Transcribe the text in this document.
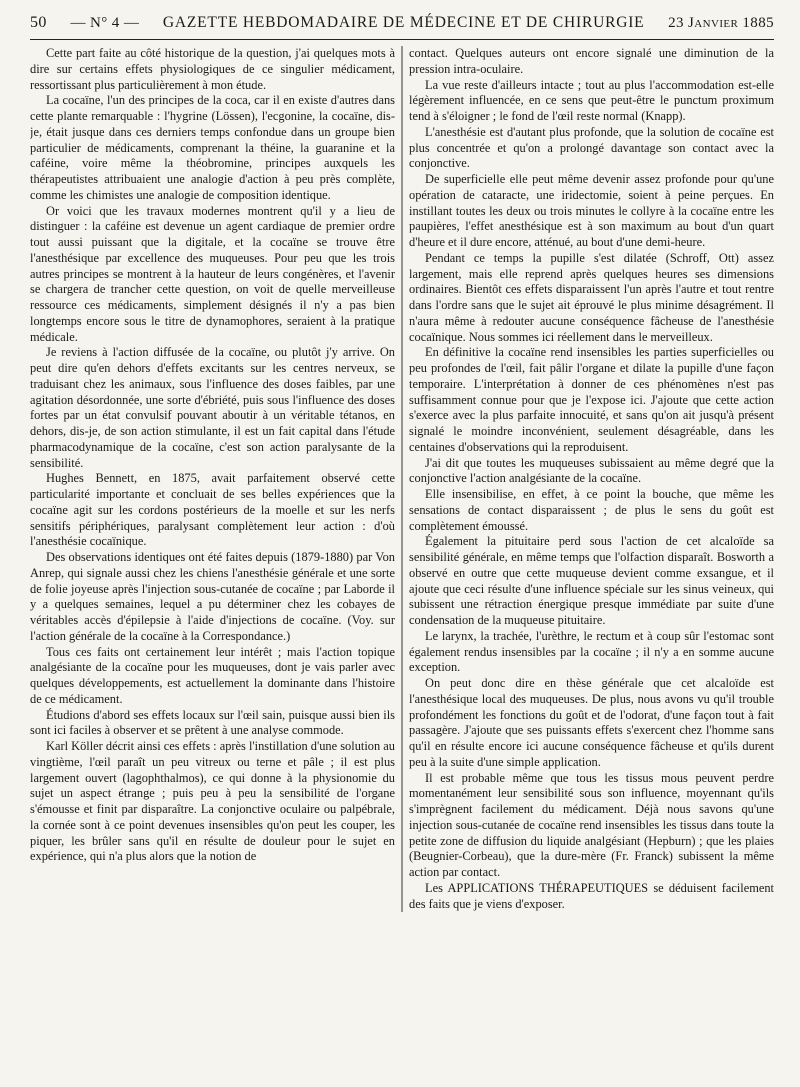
50 — N° 4 — GAZETTE HEBDOMADAIRE DE MÉDECINE ET DE CHIRURGIE 23 Janvier 1885

Cette part faite au côté historique de la question, j'ai quelques mots à dire sur certains effets physiologiques de ce singulier médicament, ressortissant plus particulièrement à mon étude.

La cocaïne, l'un des principes de la coca, car il en existe d'autres dans cette plante remarquable : l'hygrine (Lössen), l'ecgonine, la cocaïne, dis-je, était jusque dans ces derniers temps confondue dans un groupe bien particulier de médicaments, comprenant la théine, la guaranine et la caféine, voire même la théobromine, principes auxquels les thérapeutistes attribuaient une analogie d'action à peu près complète, comme les chimistes une analogie de composition identique.

Or voici que les travaux modernes montrent qu'il y a lieu de distinguer : la caféine est devenue un agent cardiaque de premier ordre tout aussi puissant que la digitale, et la cocaïne se trouve être l'anesthésique par excellence des muqueuses. Pour peu que les trois autres principes se montrent à la hauteur de leurs congénères, et l'avenir se chargera de trancher cette question, on voit de quelle merveilleuse ressource ces médicaments, simplement désignés il n'y a pas bien longtemps encore sous le titre de dynamophores, seraient à la pratique médicale.

Je reviens à l'action diffusée de la cocaïne, ou plutôt j'y arrive. On peut dire qu'en dehors d'effets excitants sur les centres nerveux, se traduisant chez les animaux, sous l'influence des doses faibles, par une agitation désordonnée, une sorte d'ébriété, puis sous l'influence des doses fortes par un état convulsif pouvant aboutir à un véritable tétanos, en dehors, dis-je, de son action stimulante, il est un fait capital dans l'étude pharmacodynamique de la cocaïne, c'est son action paralysante de la sensibilité.

Hughes Bennett, en 1875, avait parfaitement observé cette particularité importante et concluait de ses belles expériences que la cocaïne agit sur les cordons postérieurs de la moelle et sur les nerfs sensitifs périphériques, paralysant complètement leur action : d'où l'anesthésie cocaïnique.

Des observations identiques ont été faites depuis (1879-1880) par Von Anrep, qui signale aussi chez les chiens l'anesthésie générale et une sorte de folie joyeuse après l'injection sous-cutanée de cocaïne ; par Laborde il y a quelques semaines, lequel a pu déterminer chez les cobayes de véritables accès d'épilepsie à l'aide d'injections de cocaïne. (Voy. sur l'action générale de la cocaïne à la Correspondance.)

Tous ces faits ont certainement leur intérêt ; mais l'action topique analgésiante de la cocaïne pour les muqueuses, dont je vais parler avec quelques développements, est actuellement la dominante dans l'histoire de ce médicament.

Étudions d'abord ses effets locaux sur l'œil sain, puisque aussi bien ils sont ici faciles à observer et se prêtent à une analyse commode.

Karl Köller décrit ainsi ces effets : après l'instillation d'une solution au vingtième, l'œil paraît un peu vitreux ou terne et pâle ; il est plus largement ouvert (lagophthalmos), ce qui donne à la physionomie du sujet un aspect étrange ; puis peu à peu la sensibilité de l'organe s'émousse et finit par disparaître. La conjonctive oculaire ou palpébrale, la cornée sont à ce point devenues insensibles qu'on peut les couper, les piquer, les brûler sans qu'il en résulte de douleur pour le sujet en expérience, qui n'a plus alors que la notion de

contact. Quelques auteurs ont encore signalé une diminution de la pression intra-oculaire.

La vue reste d'ailleurs intacte ; tout au plus l'accommodation est-elle légèrement influencée, en ce sens que peut-être le punctum proximum tend à s'éloigner ; le fond de l'œil reste normal (Knapp).

L'anesthésie est d'autant plus profonde, que la solution de cocaïne est plus concentrée et qu'on a prolongé davantage son contact avec la conjonctive.

De superficielle elle peut même devenir assez profonde pour qu'une opération de cataracte, une iridectomie, soient à peine perçues. En instillant toutes les deux ou trois minutes le collyre à la cocaïne entre les paupières, l'effet anesthésique est à son maximum au bout d'un quart d'heure et il dure encore, atténué, au bout d'une demi-heure.

Pendant ce temps la pupille s'est dilatée (Schroff, Ott) assez largement, mais elle reprend après quelques heures ses dimensions ordinaires. Bientôt ces effets disparaissent l'un après l'autre et tout rentre dans l'ordre sans que le sujet ait éprouvé le plus minime désagrément. Il n'aura même à redouter aucune conséquence fâcheuse de l'anesthésie cocaïnique. Nous sommes ici réellement dans le merveilleux.

En définitive la cocaïne rend insensibles les parties superficielles ou peu profondes de l'œil, fait pâlir l'organe et dilate la pupille d'une façon temporaire. L'interprétation à donner de ces phénomènes n'est pas suffisamment connue pour que je l'expose ici. J'ajoute que cette action s'exerce avec la plus parfaite innocuité, et sans qu'on ait jusqu'à présent signalé le moindre inconvénient, seulement désagréable, dans les centaines d'observations qui la reproduisent.

J'ai dit que toutes les muqueuses subissaient au même degré que la conjonctive l'action analgésiante de la cocaïne.

Elle insensibilise, en effet, à ce point la bouche, que même les sensations de contact disparaissent ; de plus le sens du goût est complètement émoussé.

Également la pituitaire perd sous l'action de cet alcaloïde sa sensibilité générale, en même temps que l'olfaction disparaît. Bosworth a observé en outre que cette muqueuse devient comme exsangue, et il ajoute que ceci résulte d'une influence spéciale sur les sinus veineux, qui subissent une rétraction énergique presque immédiate par suite d'une condensation de la muqueuse pituitaire.

Le larynx, la trachée, l'urèthre, le rectum et à coup sûr l'estomac sont également rendus insensibles par la cocaïne ; il n'y a en somme aucune exception.

On peut donc dire en thèse générale que cet alcaloïde est l'anesthésique local des muqueuses. De plus, nous avons vu qu'il trouble profondément les fonctions du goût et de l'odorat, d'une façon tout à fait passagère. J'ajoute que ses puissants effets s'exercent chez l'homme sans qu'il en résulte encore ici aucune conséquence fâcheuse et qu'ils durent peu à la suite d'une simple application.

Il est probable même que tous les tissus mous peuvent perdre momentanément leur sensibilité sous son influence, moyennant qu'ils s'imprègnent facilement du médicament. Déjà nous savons qu'une injection sous-cutanée de cocaïne rend insensibles les tissus dans toute la petite zone de diffusion du liquide analgésiant (Hepburn) ; que les plaies (Beugnier-Corbeau), que la dure-mère (Fr. Franck) subissent la même action par contact.

Les APPLICATIONS THÉRAPEUTIQUES se déduisent facilement des faits que je viens d'exposer.
